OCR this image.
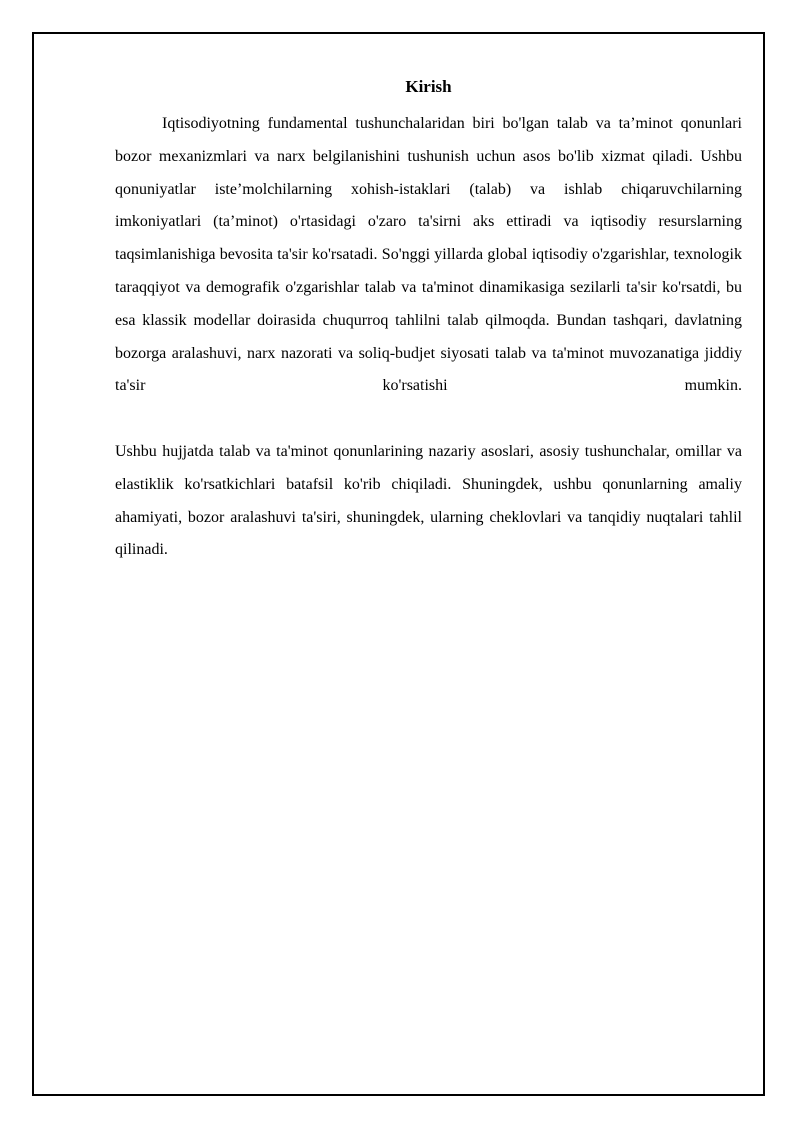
Kirish

Iqtisodiyotning fundamental tushunchalaridan biri bo'lgan talab va ta’minot qonunlari bozor mexanizmlari va narx belgilanishini tushunish uchun asos bo'lib xizmat qiladi. Ushbu qonuniyatlar iste’molchilarning xohish-istaklari (talab) va ishlab chiqaruvchilarning imkoniyatlari (ta’minot) o'rtasidagi o'zaro ta'sirni aks ettiradi va iqtisodiy resurslarning taqsimlanishiga bevosita ta'sir ko'rsatadi. So'nggi yillarda global iqtisodiy o'zgarishlar, texnologik taraqqiyot va demografik o'zgarishlar talab va ta'minot dinamikasiga sezilarli ta'sir ko'rsatdi, bu esa klassik modellar doirasida chuqurroq tahlilni talab qilmoqda. Bundan tashqari, davlatning bozorga aralashuvi, narx nazorati va soliq-budjet siyosati talab va ta'minot muvozanatiga jiddiy ta'sir ko'rsatishi mumkin.

Ushbu hujjatda talab va ta'minot qonunlarining nazariy asoslari, asosiy tushunchalar, omillar va elastiklik ko'rsatkichlari batafsil ko'rib chiqiladi. Shuningdek, ushbu qonunlarning amaliy ahamiyati, bozor aralashuvi ta'siri, shuningdek, ularning cheklovlari va tanqidiy nuqtalari tahlil qilinadi.
